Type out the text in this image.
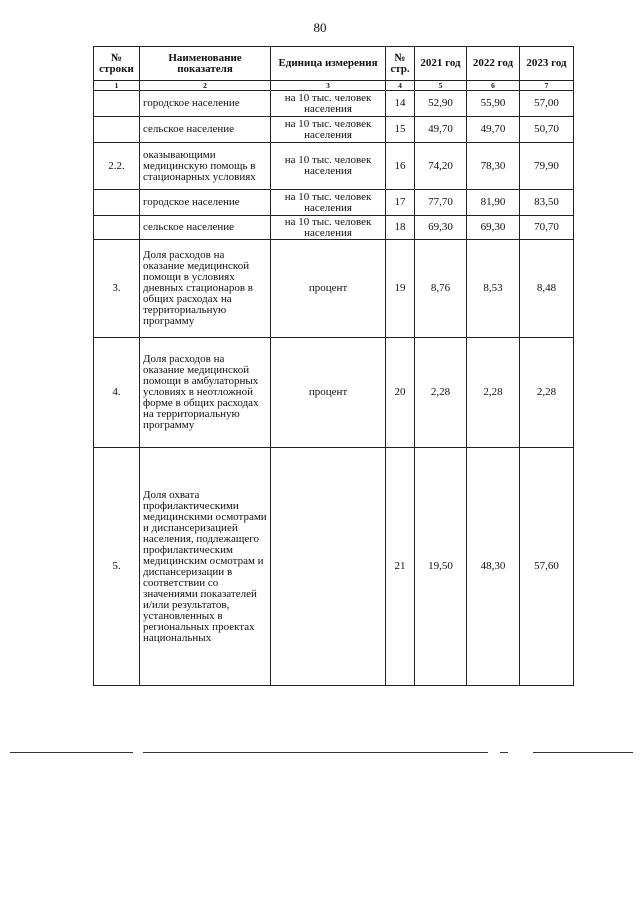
80
№ строки	Наименование показателя	Единица измерения	№ стр.	2021 год	2022 год	2023 год
1	2	3	4	5	6	7
	городское население	на 10 тыс. человек населения	14	52,90	55,90	57,00
	сельское население	на 10 тыс. человек населения	15	49,70	49,70	50,70
2.2.	оказывающими медицинскую помощь в стационарных условиях	на 10 тыс. человек населения	16	74,20	78,30	79,90
	городское население	на 10 тыс. человек населения	17	77,70	81,90	83,50
	сельское население	на 10 тыс. человек населения	18	69,30	69,30	70,70
3.	Доля расходов на оказание медицинской помощи в условиях дневных стационаров в общих расходах на территориальную программу	процент	19	8,76	8,53	8,48
4.	Доля расходов на оказание медицинской помощи в амбулаторных условиях в неотложной форме в общих расходах на территориальную программу	процент	20	2,28	2,28	2,28
5.	Доля охвата профилактическими медицинскими осмотрами и диспансеризацией населения, подлежащего профилактическим медицинским осмотрам и диспансеризации в соответствии со значениями показателей и/или результатов, установленных в региональных проектах национальных		21	19,50	48,30	57,60
